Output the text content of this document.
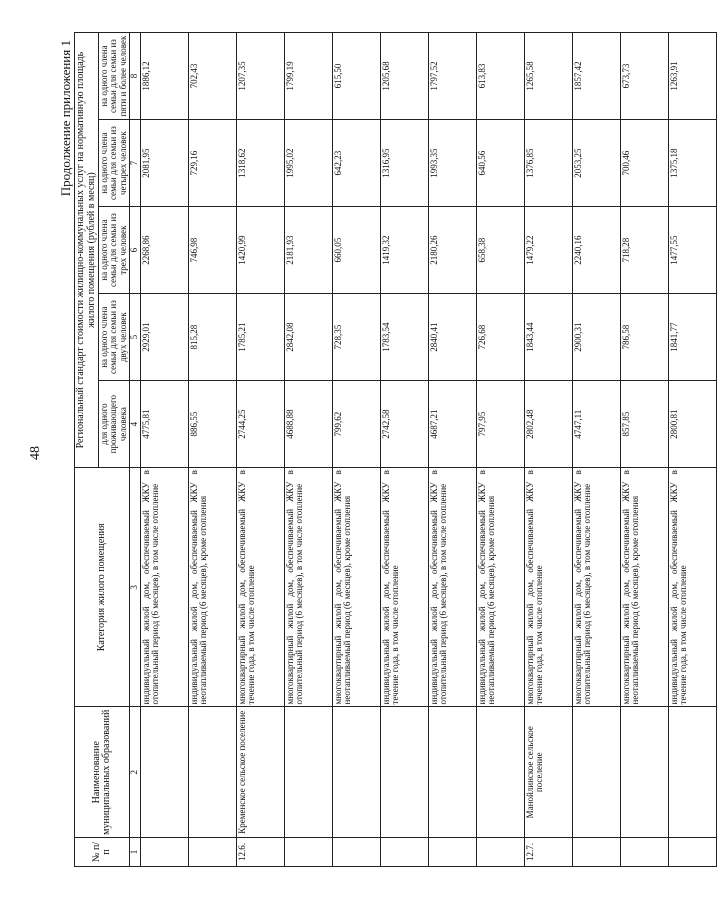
48
Продолжение приложения 1
№ п/п	Наименование муниципальных образований	Категория жилого помещения	Региональный стандарт стоимости жилищно-коммунальных услуг на нормативную площадь жилого помещения (рублей в месяц)				
			для одного проживающего человека	на одного члена семьи для семьи из двух человек	на одного члена семьи для семьи из трех человек	на одного члена семьи для семьи из четырех человек	на одного члена семьи для семьи из пяти и более человек
1	2	3	4	5	6	7	8
		индивидуальный жилой дом, обеспечиваемый ЖКУ в отопительный период (6 месяцев), в том числе отопление	4775,81	2929,01	2268,86	2081,95	1886,12
		индивидуальный жилой дом, обеспечиваемый ЖКУ в неотапливаемый период (6 месяцев), кроме отопления	886,55	815,28	746,98	729,16	702,43
12.6.	Кременское сельское поселение	многоквартирный жилой дом, обеспечиваемый ЖКУ в течение года, в том числе отопление	2744,25	1785,21	1420,99	1318,62	1207,35
		многоквартирный жилой дом, обеспечиваемый ЖКУ в отопительный период (6 месяцев), в том числе отопление	4688,88	2842,08	2181,93	1995,02	1799,19
		многоквартирный жилой дом, обеспечиваемый ЖКУ в неотапливаемый период (6 месяцев), кроме отопления	799,62	728,35	660,05	642,23	615,50
		индивидуальный жилой дом, обеспечиваемый ЖКУ в течение года, в том числе отопление	2742,58	1783,54	1419,32	1316,95	1205,68
		индивидуальный жилой дом, обеспечиваемый ЖКУ в отопительный период (6 месяцев), в том числе отопление	4687,21	2840,41	2180,26	1993,35	1797,52
		индивидуальный жилой дом, обеспечиваемый ЖКУ в неотапливаемый период (6 месяцев), кроме отопления	797,95	726,68	658,38	640,56	613,83
12.7.	Манойлинское сельское поселение	многоквартирный жилой дом, обеспечиваемый ЖКУ в течение года, в том числе отопление	2802,48	1843,44	1479,22	1376,85	1265,58
		многоквартирный жилой дом, обеспечиваемый ЖКУ в отопительный период (6 месяцев), в том числе отопление	4747,11	2900,31	2240,16	2053,25	1857,42
		многоквартирный жилой дом, обеспечиваемый ЖКУ в неотапливаемый период (6 месяцев), кроме отопления	857,85	786,58	718,28	700,46	673,73
		индивидуальный жилой дом, обеспечиваемый ЖКУ в течение года, в том числе отопление	2800,81	1841,77	1477,55	1375,18	1263,91
